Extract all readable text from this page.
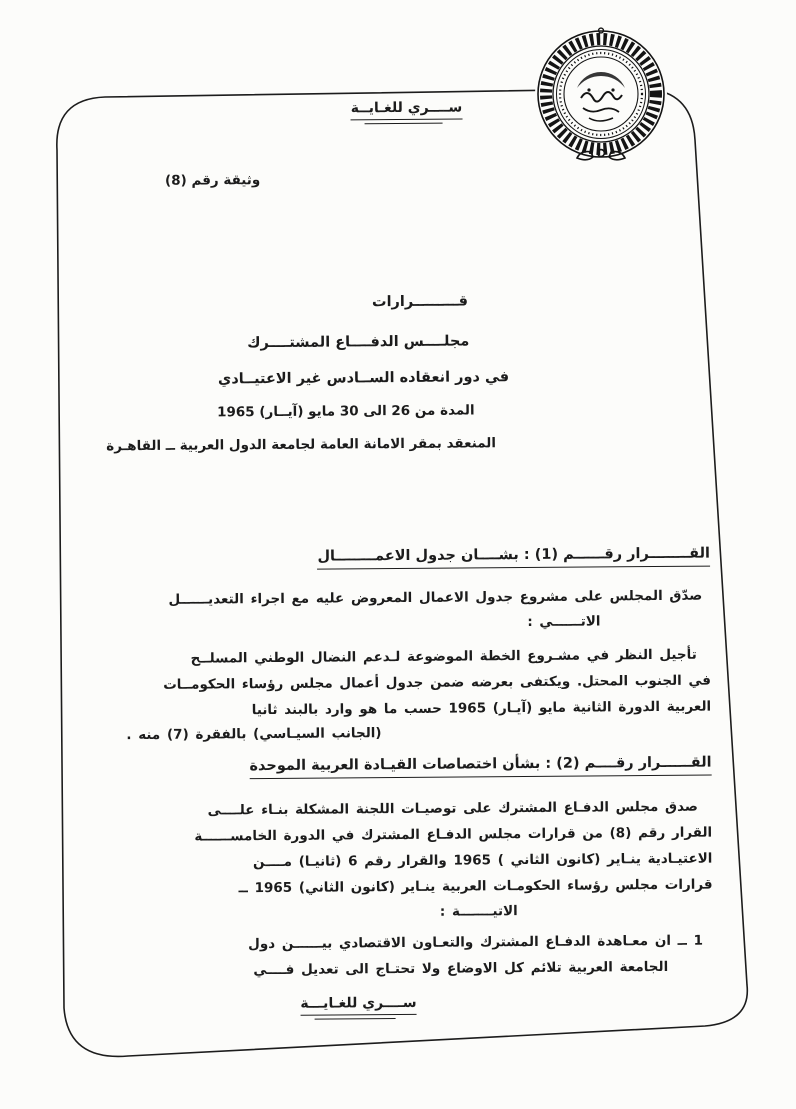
ســــري للغـايــة
وثيقة رقم (8)
قـــــــــرارات
مجلــــس الدفــــاع المشتــــرك
في دور انعقاده الســادس غير الاعتيــادي
المدة من 26 الى 30 مايو (آيــار) 1965
المنعقد بمقر الامانة العامة لجامعة الدول العربية ــ القاهـرة
القــــــــرار رقــــــم (1) : بشــــان جدول الاعمــــــــال
صدّق المجلس على مشروع جدول الاعمال المعروض عليه مع اجراء التعديــــــل
الاتــــــي :
تأجيل النظر في مشـروع الخطة الموضوعة لـدعم النضال الوطني المسلــح
في الجنوب المحتل. ويكتفى بعرضه ضمن جدول أعمال مجلس رؤساء الحكومــات
العربية الدورة الثانية مايو (آيـار) 1965 حسب ما هو وارد بالبند ثانيا
(الجانب السيـاسي) بالفقرة (7) منه .
القــــــرار رقــــم (2) : بشأن اختصاصات القيـادة العربية الموحدة
صدق مجلس الدفـاع المشترك على توصيـات اللجنة المشكلة بنـاء علــــى
القرار رقم (8) من قرارات مجلس الدفـاع المشترك في الدورة الخامســــــة
الاعتيـادية ينـاير (كانون الثاني ) 1965 والقرار رقم 6 (ثانيـا) مــــن
قرارات مجلس رؤساء الحكومـات العربية ينـاير (كانون الثاني) 1965 ــ
الاتيـــــــة :
1 ــ ان معـاهدة الدفـاع المشترك والتعـاون الاقتصادي بيــــــن دول
الجامعة العربية تلائم كل الاوضاع ولا تحتـاج الى تعديل فــــي
ســــري للغـايـــة
